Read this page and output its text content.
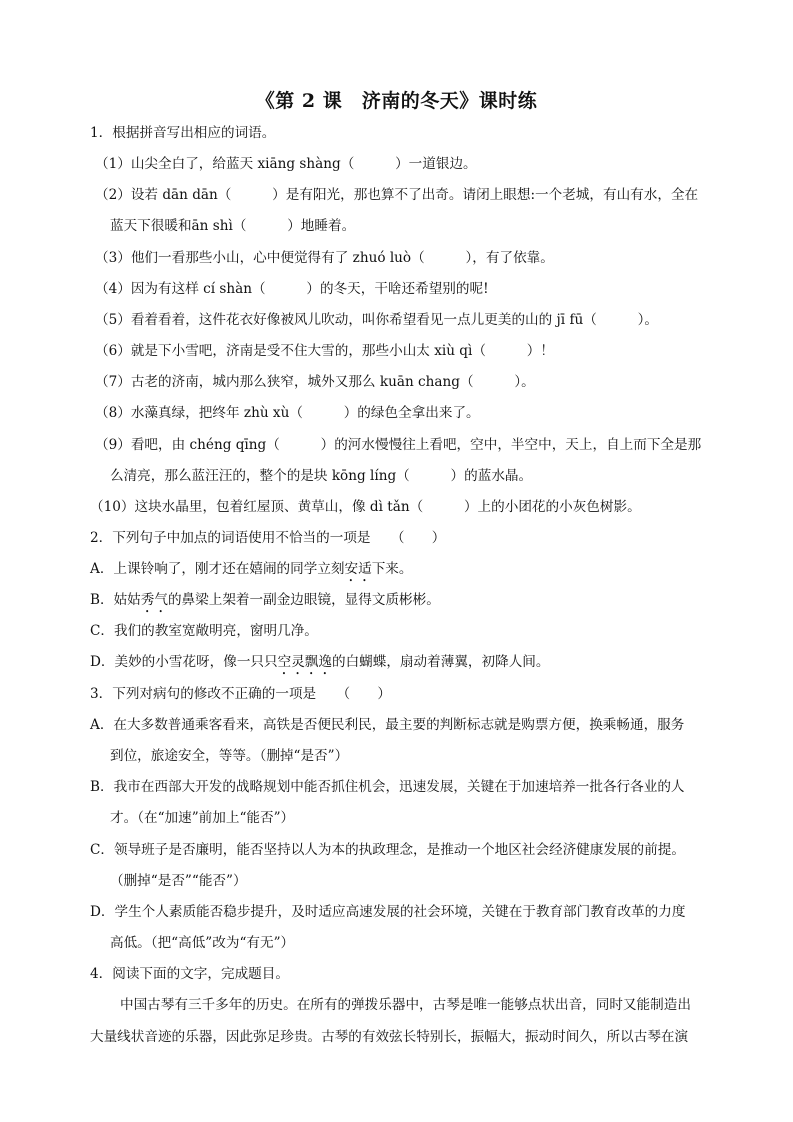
《第 2 课　济南的冬天》课时练
1．根据拼音写出相应的词语。
（1）山尖全白了，给蓝天 xiāng shàng（　　　）一道银边。
（2）设若 dān dān（　　　）是有阳光，那也算不了出奇。请闭上眼想:一个老城，有山有水，全在
蓝天下很暖和ān shì（　　　）地睡着。
（3）他们一看那些小山，心中便觉得有了 zhuó luò（　　　），有了依靠。
（4）因为有这样 cí shàn（　　　）的冬天，干啥还希望别的呢!
（5）看着看着，这件花衣好像被风儿吹动，叫你希望看见一点儿更美的山的 jī fū（　　　）。
（6）就是下小雪吧，济南是受不住大雪的，那些小山太 xiù qì（　　　）！
（7）古老的济南，城内那么狭窄，城外又那么 kuān chang（　　　）。
（8）水藻真绿，把终年 zhù xù（　　　）的绿色全拿出来了。
（9）看吧，由 chéng qīng（　　　）的河水慢慢往上看吧，空中，半空中，天上，自上而下全是那
么清亮，那么蓝汪汪的，整个的是块 kōng líng（　　　）的蓝水晶。
（10）这块水晶里，包着红屋顶、黄草山，像 dì tǎn（　　　）上的小团花的小灰色树影。
2．下列句子中加点的词语使用不恰当的一项是　　（　　）
A．上课铃响了，刚才还在嬉闹的同学立刻安适下来。
B．姑姑秀气的鼻梁上架着一副金边眼镜，显得文质彬彬。
C．我们的教室宽敞明亮，窗明几净。
D．美妙的小雪花呀，像一只只空灵飘逸的白蝴蝶，扇动着薄翼，初降人间。
3．下列对病句的修改不正确的一项是　　（　　）
A．在大多数普通乘客看来，高铁是否便民利民，最主要的判断标志就是购票方便，换乘畅通，服务
到位，旅途安全，等等。（删掉“是否”）
B．我市在西部大开发的战略规划中能否抓住机会，迅速发展，关键在于加速培养一批各行各业的人
才。（在“加速”前加上“能否”）
C．领导班子是否廉明，能否坚持以人为本的执政理念，是推动一个地区社会经济健康发展的前提。
（删掉“是否”“能否”）
D．学生个人素质能否稳步提升，及时适应高速发展的社会环境，关键在于教育部门教育改革的力度
高低。（把“高低”改为“有无”）
4．阅读下面的文字，完成题目。
中国古琴有三千多年的历史。在所有的弹拨乐器中，古琴是唯一能够点状出音，同时又能制造出
大量线状音迹的乐器，因此弥足珍贵。古琴的有效弦长特别长，振幅大，振动时间久，所以古琴在演
